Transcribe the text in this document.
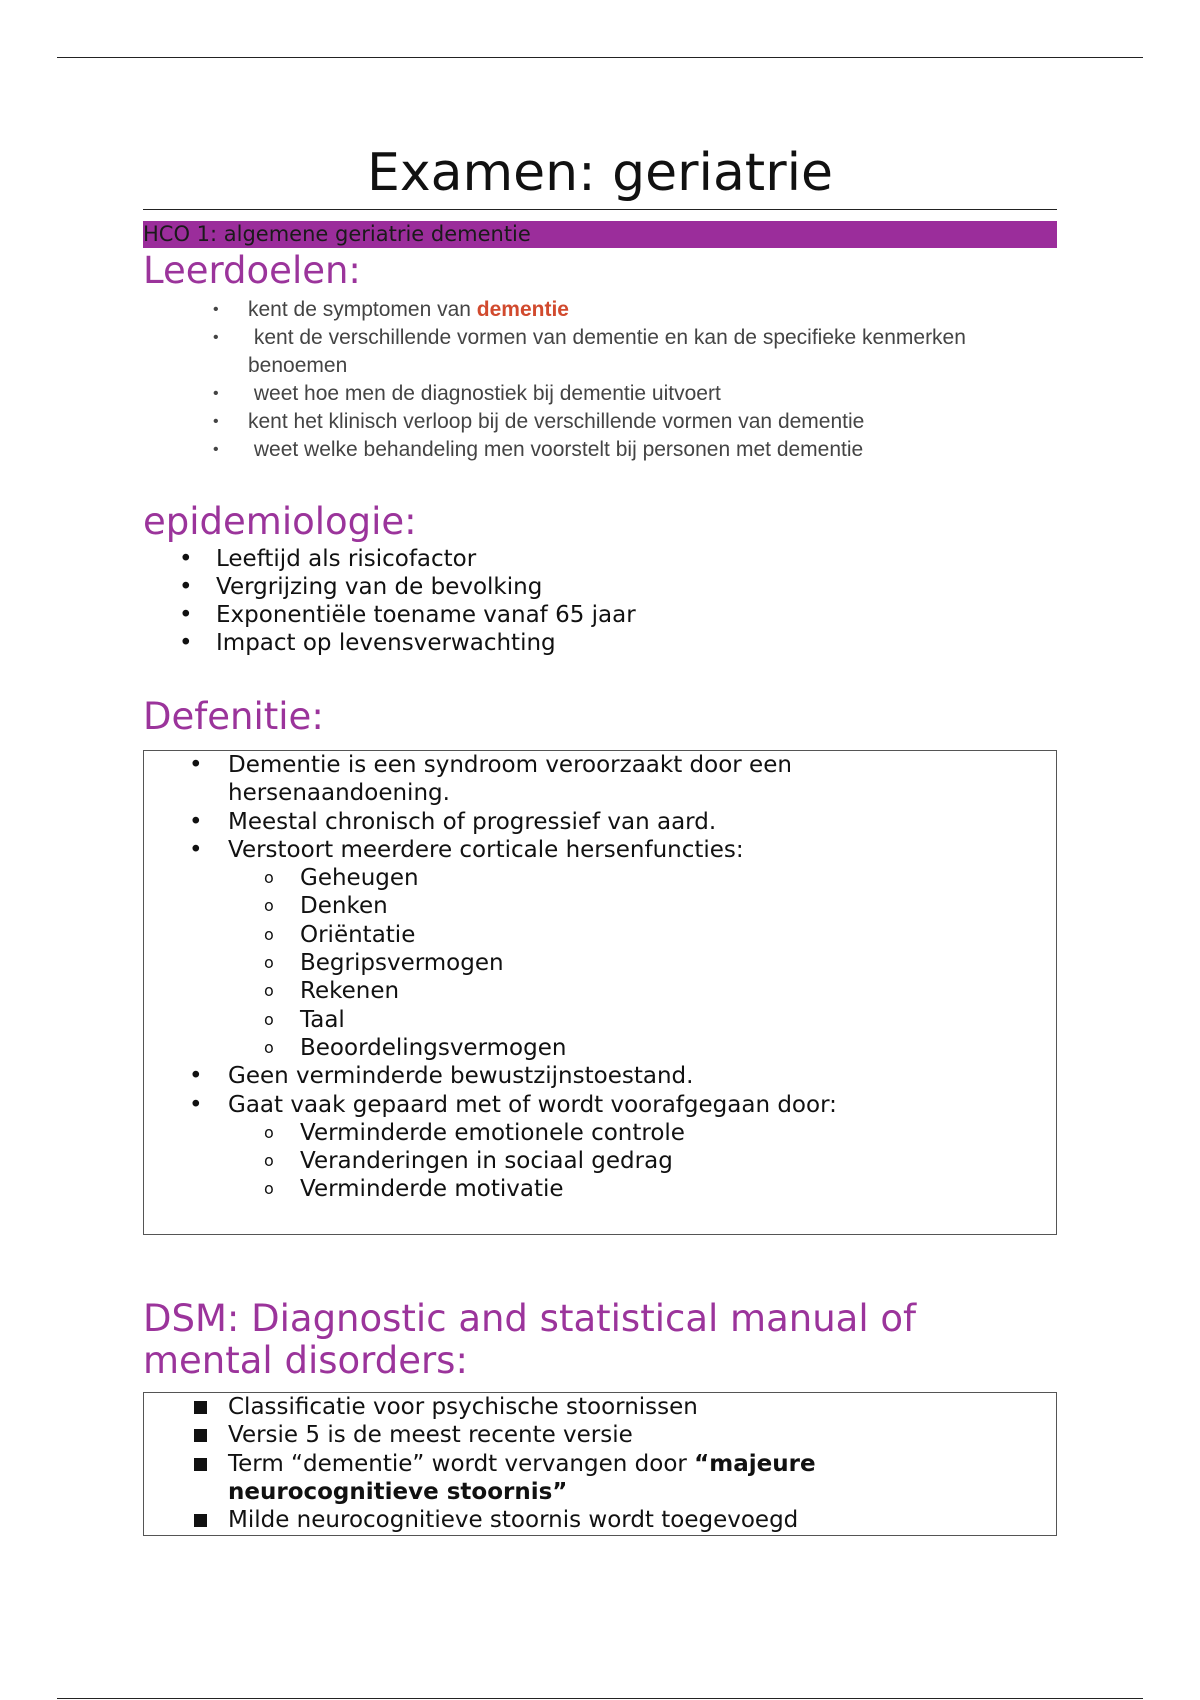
Examen: geriatrie
HCO 1: algemene geriatrie dementie
Leerdoelen:
• kent de symptomen van dementie
• kent de verschillende vormen van dementie en kan de specifieke kenmerken benoemen
• weet hoe men de diagnostiek bij dementie uitvoert
• kent het klinisch verloop bij de verschillende vormen van dementie
• weet welke behandeling men voorstelt bij personen met dementie
epidemiologie:
• Leeftijd als risicofactor
• Vergrijzing van de bevolking
• Exponentiële toename vanaf 65 jaar
• Impact op levensverwachting
Defenitie:
• Dementie is een syndroom veroorzaakt door een hersenaandoening.
• Meestal chronisch of progressief van aard.
• Verstoort meerdere corticale hersenfuncties:
o Geheugen
o Denken
o Oriëntatie
o Begripsvermogen
o Rekenen
o Taal
o Beoordelingsvermogen
• Geen verminderde bewustzijnstoestand.
• Gaat vaak gepaard met of wordt voorafgegaan door:
o Verminderde emotionele controle
o Veranderingen in sociaal gedrag
o Verminderde motivatie
DSM: Diagnostic and statistical manual of mental disorders:
Classificatie voor psychische stoornissen
Versie 5 is de meest recente versie
Term “dementie” wordt vervangen door “majeure neurocognitieve stoornis”
Milde neurocognitieve stoornis wordt toegevoegd
